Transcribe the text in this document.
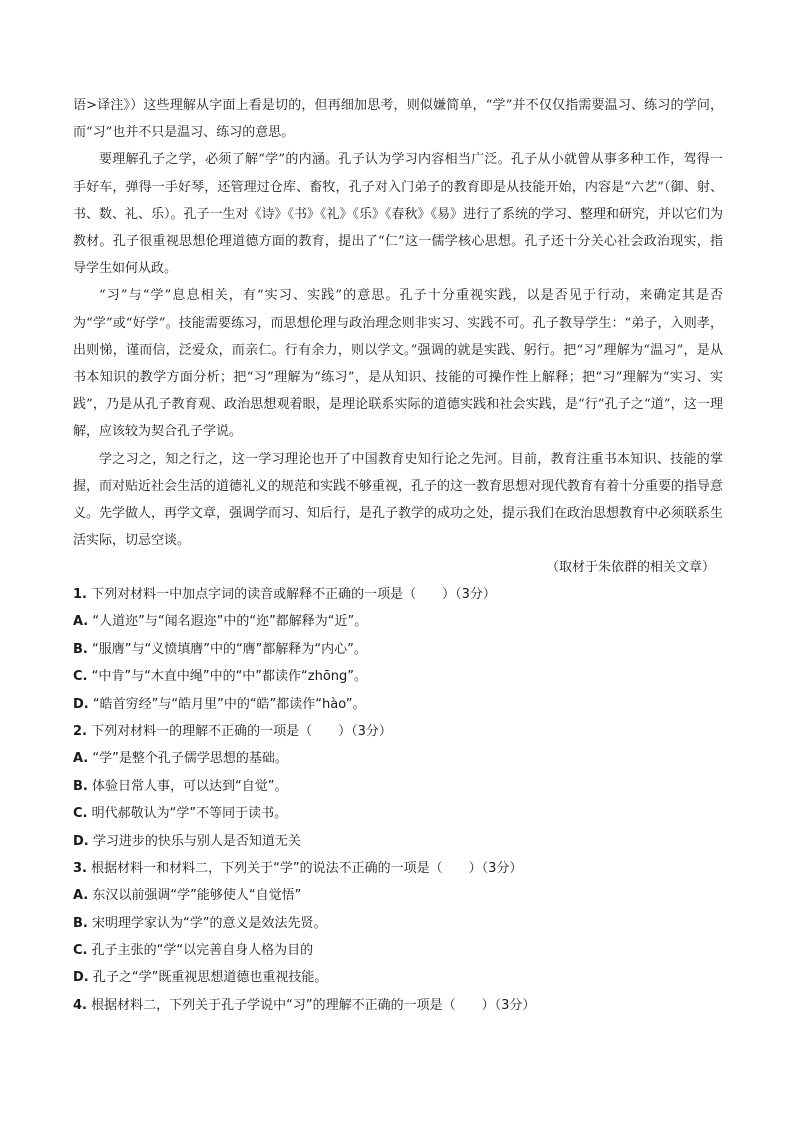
语>译注》）这些理解从字面上看是切的，但再细加思考，则似嫌简单，“学”并不仅仅指需要温习、练习的学问，而“习”也并不只是温习、练习的意思。

要理解孔子之学，必须了解“学”的内涵。孔子认为学习内容相当广泛。孔子从小就曾从事多种工作，驾得一手好车，弹得一手好琴，还管理过仓库、畜牧，孔子对入门弟子的教育即是从技能开始，内容是“六艺”（御、射、书、数、礼、乐）。孔子一生对《诗》《书》《礼》《乐》《春秋》《易》进行了系统的学习、整理和研究，并以它们为教材。孔子很重视思想伦理道德方面的教育，提出了“仁”这一儒学核心思想。孔子还十分关心社会政治现实，指导学生如何从政。

“习”与“学”息息相关，有“实习、实践”的意思。孔子十分重视实践，以是否见于行动，来确定其是否为“学”或“好学”。技能需要练习，而思想伦理与政治理念则非实习、实践不可。孔子教导学生：“弟子，入则孝，出则悌，谨而信，泛爱众，而亲仁。行有余力，则以学文。”强调的就是实践、躬行。把“习”理解为“温习”，是从书本知识的教学方面分析；把“习”理解为“练习”，是从知识、技能的可操作性上解释；把“习”理解为“实习、实践”，乃是从孔子教育观、政治思想观着眼，是理论联系实际的道德实践和社会实践，是“行”孔子之“道”，这一理解，应该较为契合孔子学说。

学之习之，知之行之，这一学习理论也开了中国教育史知行论之先河。目前，教育注重书本知识、技能的掌握，而对贴近社会生活的道德礼义的规范和实践不够重视，孔子的这一教育思想对现代教育有着十分重要的指导意义。先学做人，再学文章，强调学而习、知后行，是孔子教学的成功之处，提示我们在政治思想教育中必须联系生活实际，切忌空谈。

（取材于朱依群的相关文章）
1. 下列对材料一中加点字词的读音或解释不正确的一项是（　　）（3分）
A. “人道迩”与“闻名遐迩”中的“迩”都解释为“近”。
B. “服膺”与“义愤填膺”中的“膺”都解释为“内心”。
C. “中肯”与“木直中绳”中的“中”都读作“zhōng”。
D. “皓首穷经”与“皓月里”中的“皓”都读作“hào”。
2. 下列对材料一的理解不正确的一项是（　　）（3分）
A. “学”是整个孔子儒学思想的基础。
B. 体验日常人事，可以达到“自觉”。
C. 明代郝敬认为“学”不等同于读书。
D. 学习进步的快乐与别人是否知道无关
3. 根据材料一和材料二，下列关于“学”的说法不正确的一项是（　　）（3分）
A. 东汉以前强调“学”能够使人“自觉悟”
B. 宋明理学家认为“学”的意义是效法先贤。
C. 孔子主张的“学“以完善自身人格为目的
D. 孔子之“学”既重视思想道德也重视技能。
4. 根据材料二，下列关于孔子学说中“习”的理解不正确的一项是（　　）（3分）
